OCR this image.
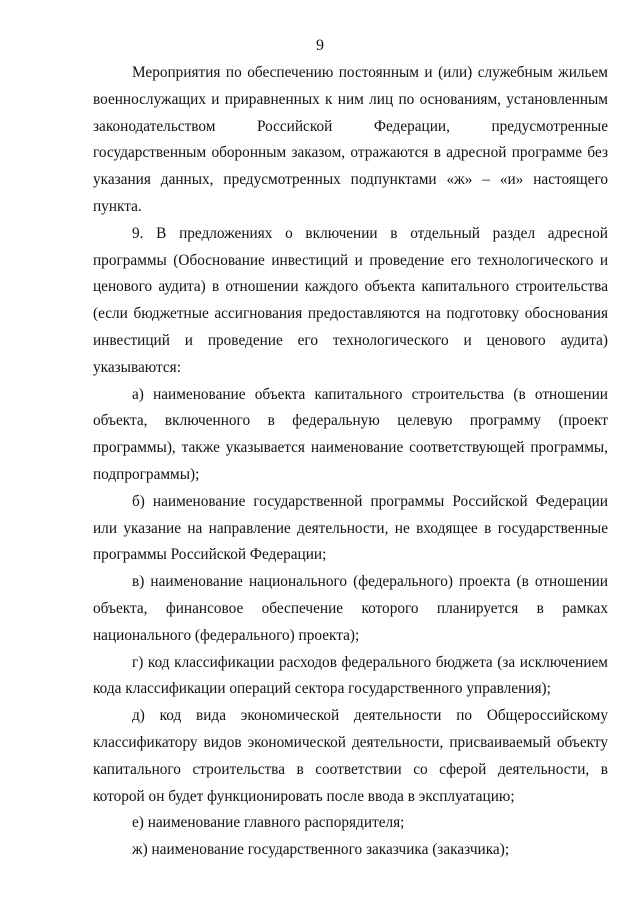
9

Мероприятия по обеспечению постоянным и (или) служебным жильем военнослужащих и приравненных к ним лиц по основаниям, установленным законодательством Российской Федерации, предусмотренные государственным оборонным заказом, отражаются в адресной программе без указания данных, предусмотренных подпунктами «ж» – «и» настоящего пункта.

9. В предложениях о включении в отдельный раздел адресной программы (Обоснование инвестиций и проведение его технологического и ценового аудита) в отношении каждого объекта капитального строительства (если бюджетные ассигнования предоставляются на подготовку обоснования инвестиций и проведение его технологического и ценового аудита) указываются:

а) наименование объекта капитального строительства (в отношении объекта, включенного в федеральную целевую программу (проект программы), также указывается наименование соответствующей программы, подпрограммы);

б) наименование государственной программы Российской Федерации или указание на направление деятельности, не входящее в государственные программы Российской Федерации;

в) наименование национального (федерального) проекта (в отношении объекта, финансовое обеспечение которого планируется в рамках национального (федерального) проекта);

г) код классификации расходов федерального бюджета (за исключением кода классификации операций сектора государственного управления);

д) код вида экономической деятельности по Общероссийскому классификатору видов экономической деятельности, присваиваемый объекту капитального строительства в соответствии со сферой деятельности, в которой он будет функционировать после ввода в эксплуатацию;

е) наименование главного распорядителя;

ж) наименование государственного заказчика (заказчика);
